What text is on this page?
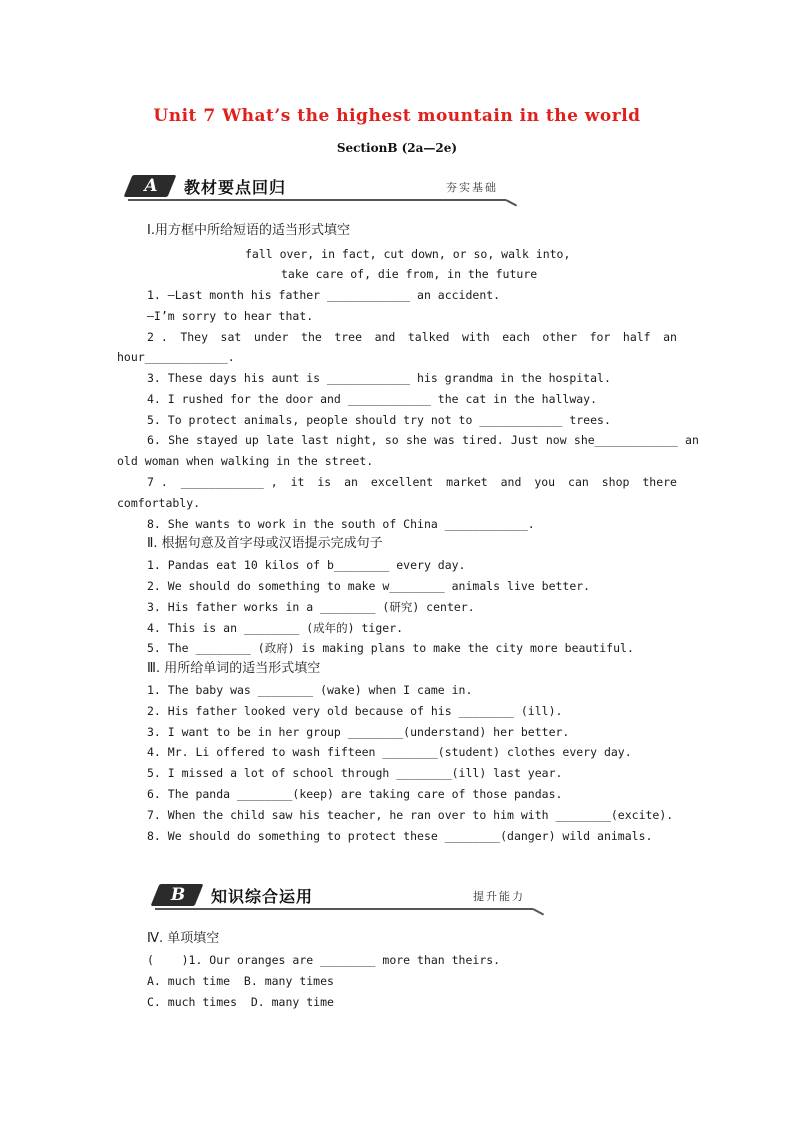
Unit 7 What’s the highest mountain in the world
SectionB (2a—2e)
A	教材要点回归	夯实基础
Ⅰ.用方框中所给短语的适当形式填空
fall over, in fact, cut down, or so, walk into,
take care of, die from, in the future
1. —Last month his father ____________ an accident.
—I’m sorry to hear that.
2 . They sat under the tree and talked with each other for half an
hour____________.
3. These days his aunt is ____________ his grandma in the hospital.
4. I rushed for the door and ____________ the cat in the hallway.
5. To protect animals, people should try not to ____________ trees.
6. She stayed up late last night, so she was tired. Just now she____________ an
old woman when walking in the street.
7 . ____________ , it is an excellent market and you can shop there
comfortably.
8. She wants to work in the south of China ____________.
Ⅱ. 根据句意及首字母或汉语提示完成句子
1. Pandas eat 10 kilos of b________ every day.
2. We should do something to make w________ animals live better.
3. His father works in a ________ (研究) center.
4. This is an ________ (成年的) tiger.
5. The ________ (政府) is making plans to make the city more beautiful.
Ⅲ. 用所给单词的适当形式填空
1. The baby was ________ (wake) when I came in.
2. His father looked very old because of his ________ (ill).
3. I want to be in her group ________(understand) her better.
4. Mr. Li offered to wash fifteen ________(student) clothes every day.
5. I missed a lot of school through ________(ill) last year.
6. The panda ________(keep) are taking care of those pandas.
7. When the child saw his teacher, he ran over to him with ________(excite).
8. We should do something to protect these ________(danger) wild animals.
B	知识综合运用	提升能力
Ⅳ. 单项填空
(    )1. Our oranges are ________ more than theirs.
A. much time  B. many times
C. much times  D. many time
